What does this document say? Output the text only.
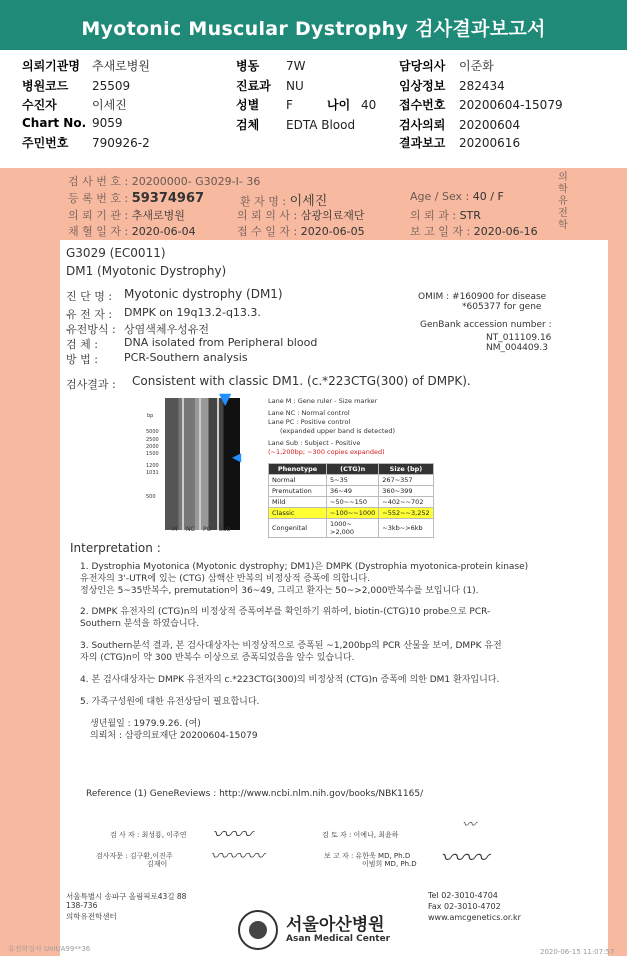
Myotonic Muscular Dystrophy 검사결과보고서
의뢰기관명 추새로병원
병원코드 25509
수진자	이세진
Chart No. 9059
주민번호 790926-2
병동 7W
진료과 NU
성별 F	나이 40
검체 EDTA Blood
담당의사 이준화
임상정보 282434
접수번호 20200604-15079
검사의뢰 20200604
결과보고 20200616
검 사 번 호 : 20200000- G3029-I- 36
등 록 번 호 : 59374967	환 자 명 : 이세진	Age / Sex : 40 / F
의 뢰 기 관 : 추새로병원	의 뢰 의 사 : 삼광의료재단	의 뢰 과 : STR
채 혈 일 자 : 2020-06-04	접 수 일 자 : 2020-06-05	보 고 일 자 : 2020-06-16
의 학 유 전 학
G3029 (EC0011)
DM1 (Myotonic Dystrophy)
진 단 명 : Myotonic dystrophy (DM1)
유 전 자 : DMPK on 19q13.2-q13.3.
유전방식 : 상염색체우성유전
검 체 : DNA isolated from Peripheral blood
방 법 : PCR-Southern analysis
OMIM : #160900 for disease
*605377 for gene
GenBank accession number :
NT_011109.16
NM_004409.3
검사결과 : Consistent with classic DM1. (c.*223CTG(300) of DMPK).
bp
5000
2500
2000
1500
1200
1031
500
▼
◀
M NC PC Sub
Lane M : Gene ruler - Size marker
Lane NC : Normal control
Lane PC : Positive control
(expanded upper band is detected)
Lane Sub : Subject - Positive
(~1,200bp; ~300 copies expanded)
Phenotype	(CTG)n	Size (bp)
Normal	5~35	267~357
Premutation	36~49	360~399
Mild	~50~~150	~402~~702
Classic	~100~~1000	~552~~3,252
Congenital	1000~ >2,000	~3kb~>6kb
Interpretation :
1. Dystrophia Myotonica (Myotonic dystrophy; DM1)은 DMPK (Dystrophia myotonica-protein kinase)
유전자의 3'-UTR에 있는 (CTG) 삼핵산 반복의 비정상적 증폭에 의합니다.
정상인은 5~35반복수, premutation이 36~49, 그리고 환자는 50~>2,000반복수를 보입니다 (1).
2. DMPK 유전자의 (CTG)n의 비정상적 증폭여부를 확인하기 위하여, biotin-(CTG)10 probe으로 PCR-
Southern 분석을 하였습니다.
3. Southern분석 결과, 본 검사대상자는 비정상적으로 증폭된 ~1,200bp의 PCR 산물을 보여, DMPK 유전
자의 (CTG)n이 약 300 반복수 이상으로 증폭되었음을 알수 있습니다.
4. 본 검사대상자는 DMPK 유전자의 c.*223CTG(300)의 비정상적 (CTG)n 증폭에 의한 DM1 환자입니다.
5. 가족구성원에 대한 유전상담이 필요합니다.
생년월일 : 1979.9.26. (여)
의뢰처 : 삼광의료재단 20200604-15079
Reference (1) GeneReviews : http://www.ncbi.nlm.nih.gov/books/NBK1165/
검 사 자 : 최성룡, 이주연 〰〰	검 토 자 : 이예나, 최윤하
〰
검사자문 : 김구환,이진주
김재이 〰〰〰	보 고 자 : 유한욱 MD, Ph.D
이범희 MD, Ph.D 〰〰
서울특별시 송파구 올림픽로43길 88
138-736
의학유전학센터	서울아산병원
Asan Medical Center
Tel 02-3010-4704
Fax 02-3010-4702
www.amcgenetics.or.kr
유전학검사 Unit/A99**36	2020-06-15 11:07:57
